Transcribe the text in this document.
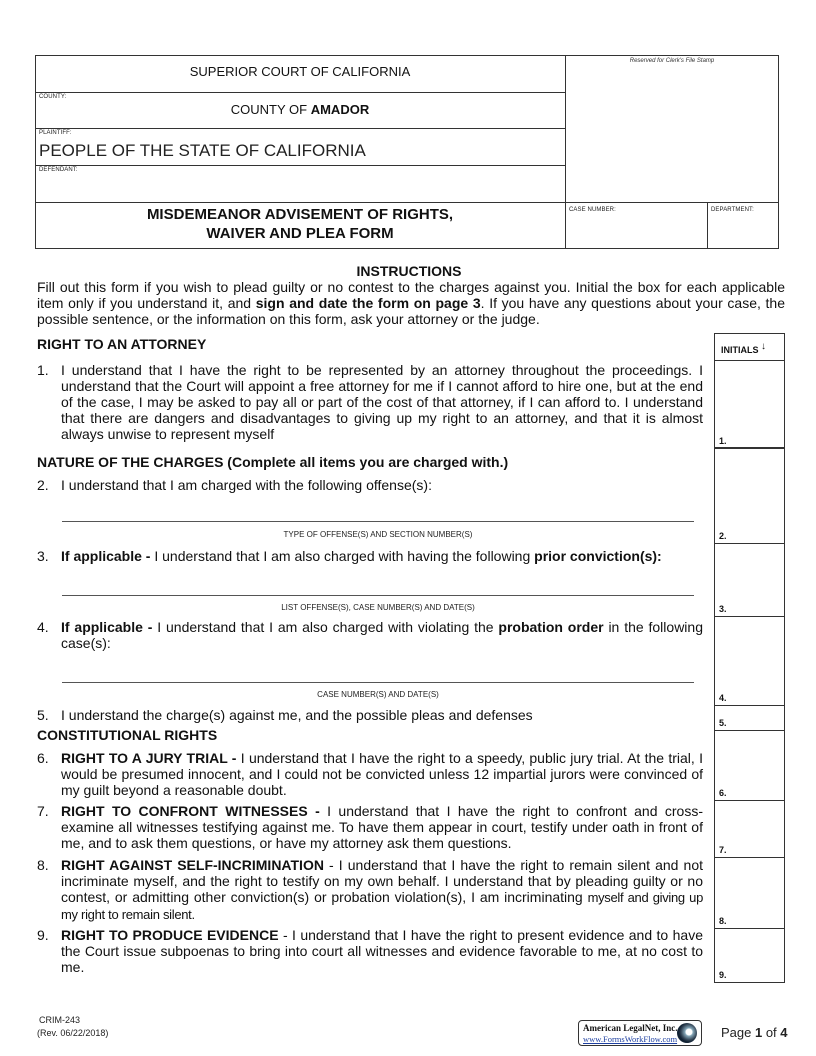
SUPERIOR COURT OF CALIFORNIA
COUNTY:
COUNTY OF AMADOR
PLAINTIFF:
PEOPLE OF THE STATE OF CALIFORNIA
DEFENDANT:
MISDEMEANOR ADVISEMENT OF RIGHTS,
WAIVER AND PLEA FORM
Reserved for Clerk's File Stamp
CASE NUMBER:	DEPARTMENT:
INSTRUCTIONS
Fill out this form if you wish to plead guilty or no contest to the charges against you. Initial the box for each applicable item only if you understand it, and sign and date the form on page 3. If you have any questions about your case, the possible sentence, or the information on this form, ask your attorney or the judge.
INITIALS ↓
1.
2.
3.
4.
5.
6.
7.
8.
9.
RIGHT TO AN ATTORNEY
1. I understand that I have the right to be represented by an attorney throughout the proceedings. I understand that the Court will appoint a free attorney for me if I cannot afford to hire one, but at the end of the case, I may be asked to pay all or part of the cost of that attorney, if I can afford to. I understand that there are dangers and disadvantages to giving up my right to an attorney, and that it is almost always unwise to represent myself
NATURE OF THE CHARGES (Complete all items you are charged with.)
2. I understand that I am charged with the following offense(s):
TYPE OF OFFENSE(S) AND SECTION NUMBER(S)
3. If applicable - I understand that I am also charged with having the following prior conviction(s):
LIST OFFENSE(S), CASE NUMBER(S) AND DATE(S)
4. If applicable - I understand that I am also charged with violating the probation order in the following case(s):
CASE NUMBER(S) AND DATE(S)
5. I understand the charge(s) against me, and the possible pleas and defenses
CONSTITUTIONAL RIGHTS
6. RIGHT TO A JURY TRIAL - I understand that I have the right to a speedy, public jury trial. At the trial, I would be presumed innocent, and I could not be convicted unless 12 impartial jurors were convinced of my guilt beyond a reasonable doubt.
7. RIGHT TO CONFRONT WITNESSES - I understand that I have the right to confront and cross-examine all witnesses testifying against me. To have them appear in court, testify under oath in front of me, and to ask them questions, or have my attorney ask them questions.
8. RIGHT AGAINST SELF-INCRIMINATION - I understand that I have the right to remain silent and not incriminate myself, and the right to testify on my own behalf. I understand that by pleading guilty or no contest, or admitting other conviction(s) or probation violation(s), I am incriminating myself and giving up my right to remain silent.
9. RIGHT TO PRODUCE EVIDENCE - I understand that I have the right to present evidence and to have the Court issue subpoenas to bring into court all witnesses and evidence favorable to me, at no cost to me.
CRIM-243
(Rev. 06/22/2018)	American LegalNet, Inc.
www.FormsWorkFlow.com	Page 1 of 4
